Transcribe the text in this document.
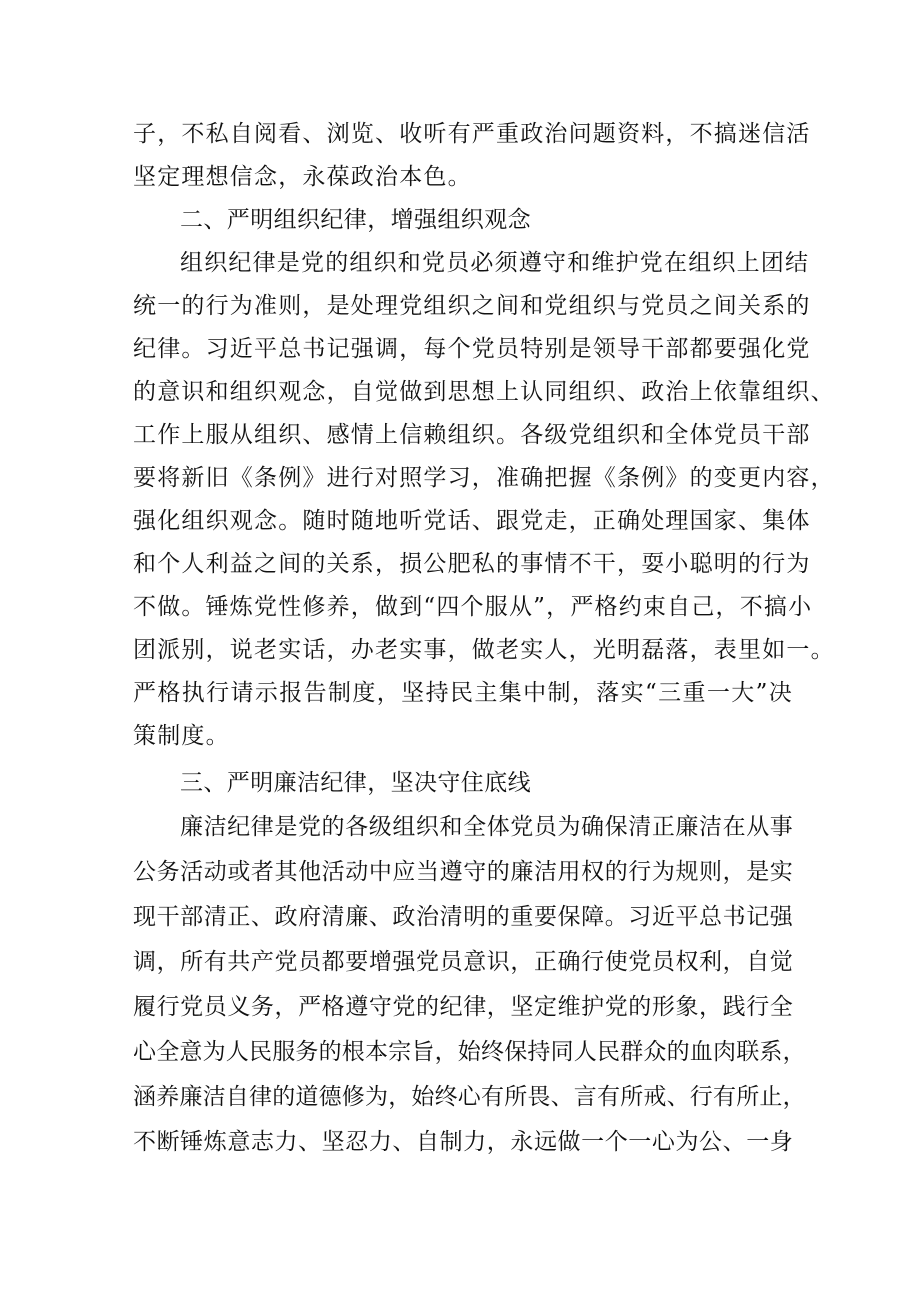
子，不私自阅看、浏览、收听有严重政治问题资料，不搞迷信活
坚定理想信念，永葆政治本色。
二、严明组织纪律，增强组织观念
组织纪律是党的组织和党员必须遵守和维护党在组织上团结
统一的行为准则，是处理党组织之间和党组织与党员之间关系的
纪律。习近平总书记强调，每个党员特别是领导干部都要强化党
的意识和组织观念，自觉做到思想上认同组织、政治上依靠组织、
工作上服从组织、感情上信赖组织。各级党组织和全体党员干部
要将新旧《条例》进行对照学习，准确把握《条例》的变更内容，
强化组织观念。随时随地听党话、跟党走，正确处理国家、集体
和个人利益之间的关系，损公肥私的事情不干，耍小聪明的行为
不做。锤炼党性修养，做到“四个服从”，严格约束自己，不搞小
团派别，说老实话，办老实事，做老实人，光明磊落，表里如一。
严格执行请示报告制度，坚持民主集中制，落实“三重一大”决
策制度。
三、严明廉洁纪律，坚决守住底线
廉洁纪律是党的各级组织和全体党员为确保清正廉洁在从事
公务活动或者其他活动中应当遵守的廉洁用权的行为规则，是实
现干部清正、政府清廉、政治清明的重要保障。习近平总书记强
调，所有共产党员都要增强党员意识，正确行使党员权利，自觉
履行党员义务，严格遵守党的纪律，坚定维护党的形象，践行全
心全意为人民服务的根本宗旨，始终保持同人民群众的血肉联系，
涵养廉洁自律的道德修为，始终心有所畏、言有所戒、行有所止，
不断锤炼意志力、坚忍力、自制力，永远做一个一心为公、一身
